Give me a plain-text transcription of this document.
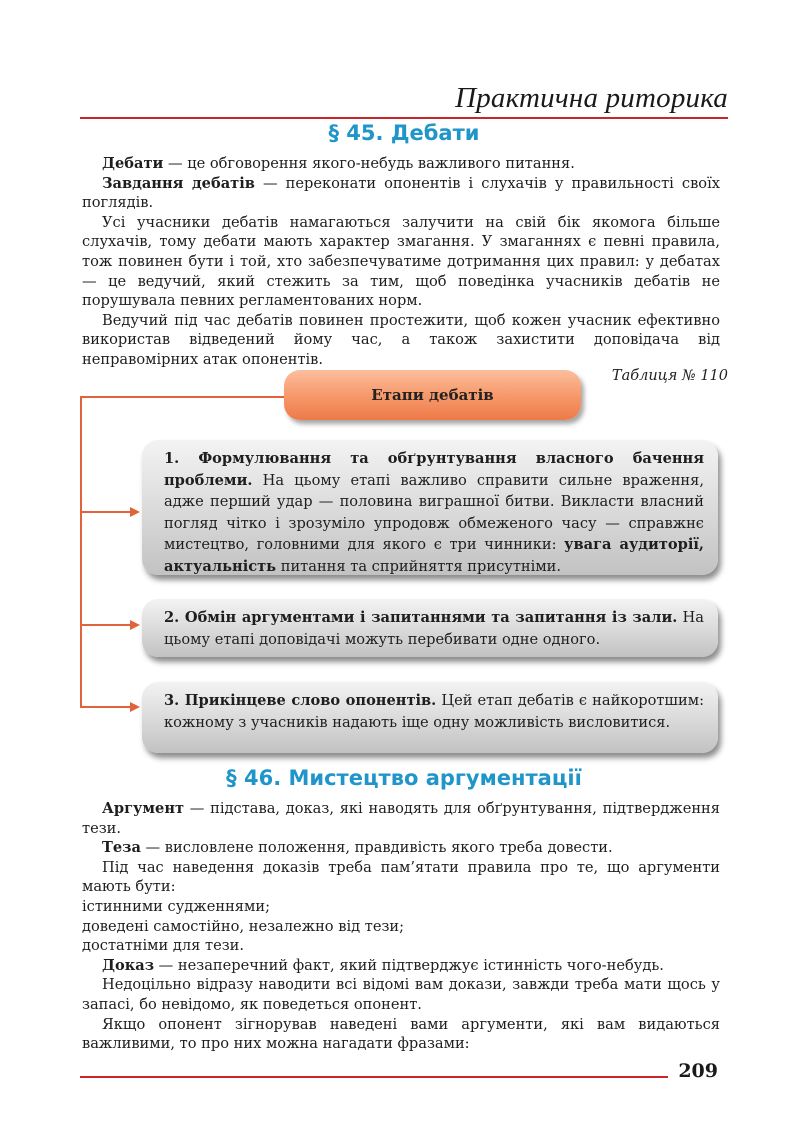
Практична риторика
§ 45. Дебати

Дебати — це обговорення якого-небудь важливого питання.

Завдання дебатів — переконати опонентів і слухачів у правильності своїх поглядів.

Усі учасники дебатів намагаються залучити на свій бік якомога більше слухачів, тому дебати мають характер змагання. У змаганнях є певні правила, тож повинен бути і той, хто забезпечуватиме дотримання цих правил: у дебатах — це ведучий, який стежить за тим, щоб поведінка учасників дебатів не порушувала певних регламентованих норм.

Ведучий під час дебатів повинен простежити, щоб кожен учасник ефективно використав відведений йому час, а також захистити доповідача від неправомірних атак опонентів.

Таблиця № 110
Етапи дебатів
1. Формулювання та обґрунтування власного бачення проблеми. На цьому етапі важливо справити сильне враження, адже перший удар — половина виграшної битви. Викласти власний погляд чітко і зрозуміло упродовж обмеженого часу — справжнє мистецтво, головними для якого є три чинники: увага аудиторії, актуальність питання та сприйняття присутніми.
2. Обмін аргументами і запитаннями та запитання із зали. На цьому етапі доповідачі можуть перебивати одне одного.
3. Прикінцеве слово опонентів. Цей етап дебатів є найкоротшим: кожному з учасників надають іще одну можливість висловитися.
§ 46. Мистецтво аргументації

Аргумент — підстава, доказ, які наводять для обґрунтування, підтвердження тези.

Теза — висловлене положення, правдивість якого треба довести.

Під час наведення доказів треба пам’ятати правила про те, що аргументи мають бути:

істинними судженнями;
доведені самостійно, незалежно від тези;
достатніми для тези.

Доказ — незаперечний факт, який підтверджує істинність чого-небудь.

Недоцільно відразу наводити всі відомі вам докази, завжди треба мати щось у запасі, бо невідомо, як поведеться опонент.

Якщо опонент зігнорував наведені вами аргументи, які вам видаються важливими, то про них можна нагадати фразами:

209
